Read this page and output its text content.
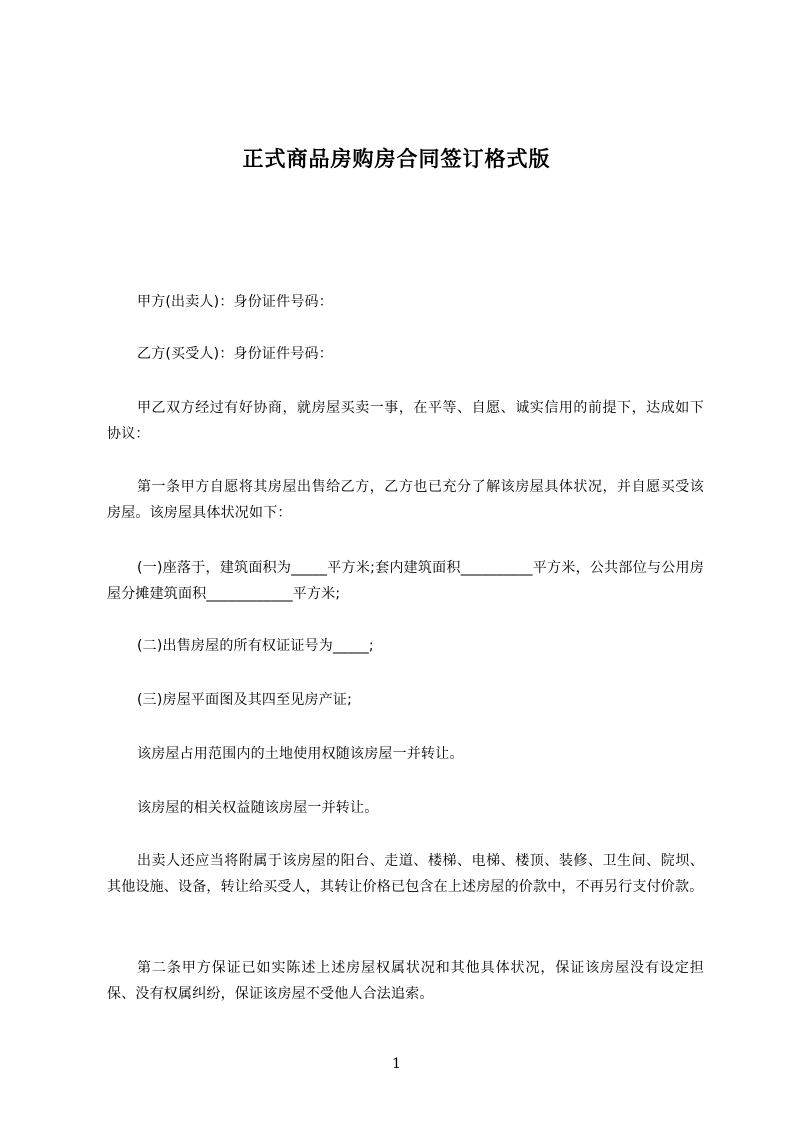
正式商品房购房合同签订格式版

甲方(出卖人)：身份证件号码：

乙方(买受人)：身份证件号码：

甲乙双方经过有好协商，就房屋买卖一事，在平等、自愿、诚实信用的前提下，达成如下协议：

第一条甲方自愿将其房屋出售给乙方，乙方也已充分了解该房屋具体状况，并自愿买受该房屋。该房屋具体状况如下：

(一)座落于，建筑面积为_____平方米;套内建筑面积__________平方米，公共部位与公用房屋分摊建筑面积____________平方米;

(二)出售房屋的所有权证证号为_____;

(三)房屋平面图及其四至见房产证;

该房屋占用范围内的土地使用权随该房屋一并转让。

该房屋的相关权益随该房屋一并转让。

出卖人还应当将附属于该房屋的阳台、走道、楼梯、电梯、楼顶、装修、卫生间、院坝、其他设施、设备，转让给买受人，其转让价格已包含在上述房屋的价款中，不再另行支付价款。

第二条甲方保证已如实陈述上述房屋权属状况和其他具体状况，保证该房屋没有设定担保、没有权属纠纷，保证该房屋不受他人合法追索。

1
